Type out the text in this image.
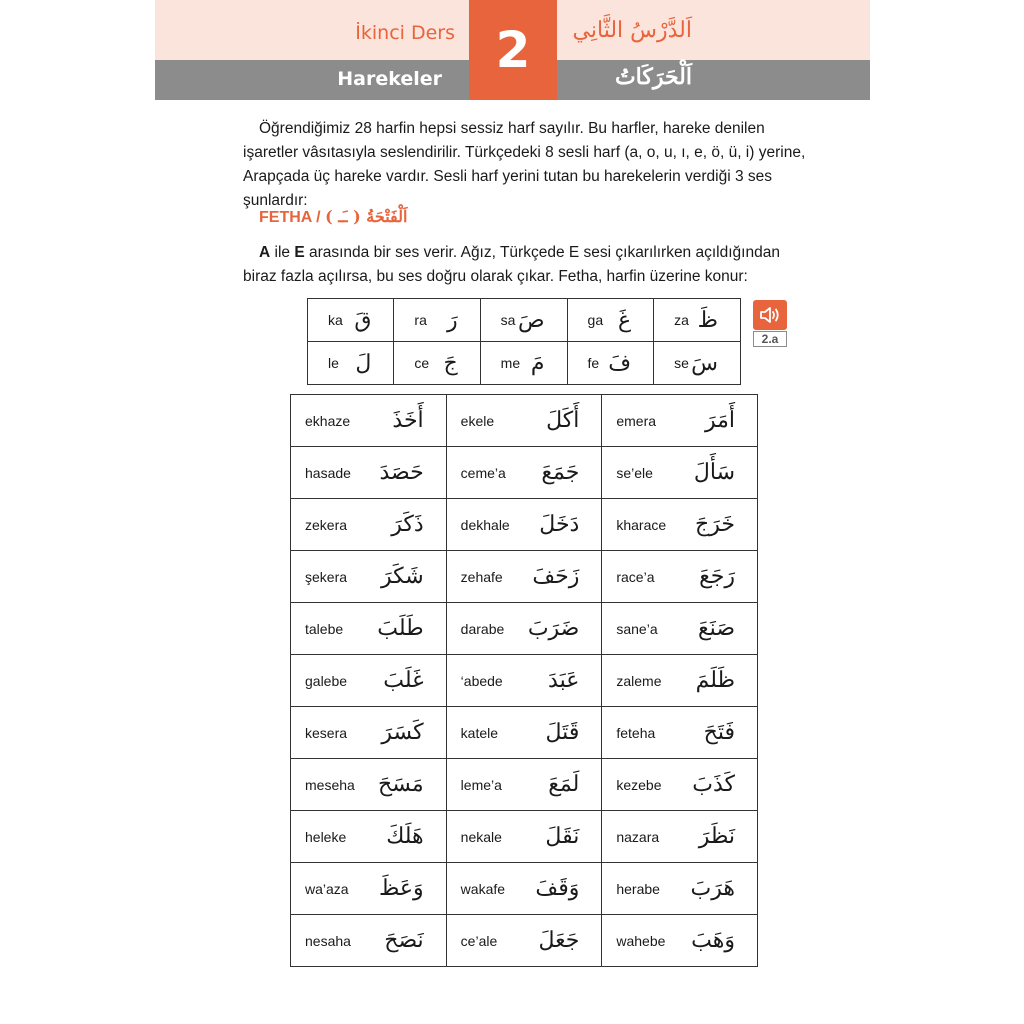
2
İkinci Ders	اَلدَّرْسُ الثَّانِي
Harekeler	اَلْحَرَكَاتُ
Öğrendiğimiz 28 harfin hepsi sessiz harf sayılır. Bu harfler, hareke denilen işaretler vâsıtasıyla seslendirilir. Türkçedeki 8 sesli harf (a, o, u, ı, e, ö, ü, i) yerine, Arapçada üç hareke vardır. Sesli harf yerini tutan bu harekelerin verdiği 3 ses şunlardır:
FETHA / اَلْفَتْحَةُ ( ـَـ )
A ile E arasında bir ses verir. Ağız, Türkçede E sesi çıkarılırken açıldığından biraz fazla açılırsa, bu ses doğru olarak çıkar. Fetha, harfin üzerine konur:
ka قَ	ra رَ	sa صَ	ga غَ	za ظَ

le لَ	ce جَ	me مَ	fe فَ	se سَ
2.a
ekhaze أَخَذَ	ekele أَكَلَ	emera أَمَرَ

hasade حَصَدَ	ceme’a جَمَعَ	se’ele سَأَلَ

zekera ذَكَرَ	dekhale دَخَلَ	kharace خَرَجَ

şekera شَكَرَ	zehafe زَحَفَ	race’a رَجَعَ

talebe طَلَبَ	darabe ضَرَبَ	sane’a صَنَعَ

galebe غَلَبَ	‘abede عَبَدَ	zaleme ظَلَمَ

kesera كَسَرَ	katele قَتَلَ	feteha فَتَحَ

meseha مَسَحَ	leme’a لَمَعَ	kezebe كَذَبَ

heleke هَلَكَ	nekale نَقَلَ	nazara نَظَرَ

wa’aza وَعَظَ	wakafe وَقَفَ	herabe هَرَبَ

nesaha نَصَحَ	ce’ale جَعَلَ	wahebe وَهَبَ
